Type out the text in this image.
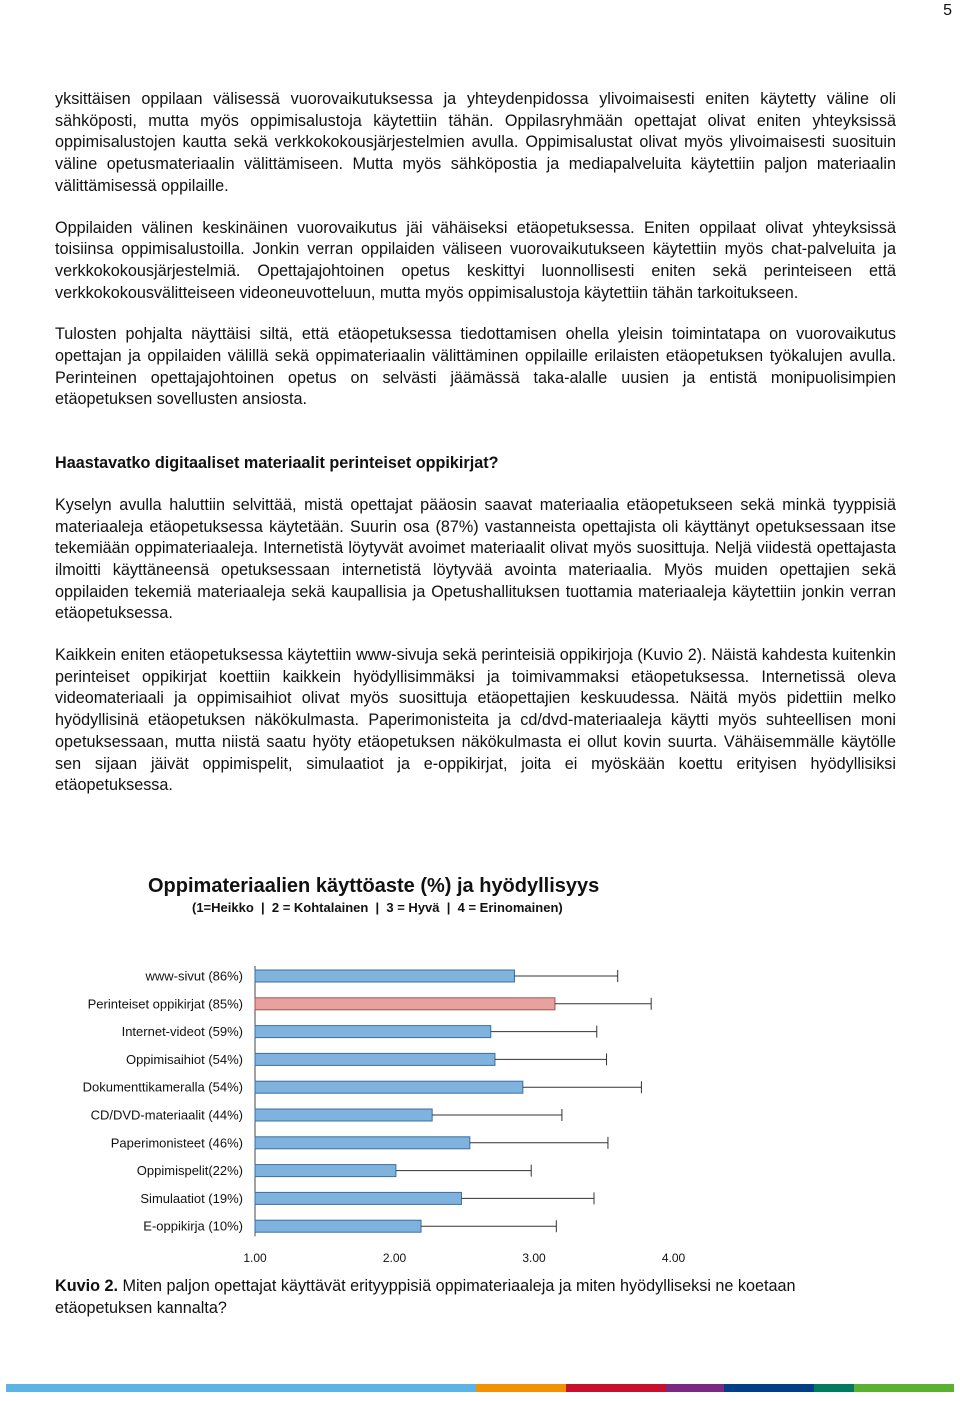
5

yksittäisen oppilaan välisessä vuorovaikutuksessa ja yhteydenpidossa ylivoimaisesti eniten käytetty väline oli sähköposti, mutta myös oppimisalustoja käytettiin tähän. Oppilasryhmään opettajat olivat eniten yhteyksissä oppimisalustojen kautta sekä verkkokokousjärjestelmien avulla. Oppimisalustat olivat myös ylivoimaisesti suosituin väline opetusmateriaalin välittämiseen. Mutta myös sähköpostia ja mediapalveluita käytettiin paljon materiaalin välittämisessä oppilaille.

Oppilaiden välinen keskinäinen vuorovaikutus jäi vähäiseksi etäopetuksessa. Eniten oppilaat olivat yhteyksissä toisiinsa oppimisalustoilla. Jonkin verran oppilaiden väliseen vuorovaikutukseen käytettiin myös chat-palveluita ja verkkokokousjärjestelmiä. Opettajajohtoinen opetus keskittyi luonnollisesti eniten sekä perinteiseen että verkkokokousvälitteiseen videoneuvotteluun, mutta myös oppimisalustoja käytettiin tähän tarkoitukseen.

Tulosten pohjalta näyttäisi siltä, että etäopetuksessa tiedottamisen ohella yleisin toimintatapa on vuorovaikutus opettajan ja oppilaiden välillä sekä oppimateriaalin välittäminen oppilaille erilaisten etäopetuksen työkalujen avulla. Perinteinen opettajajohtoinen opetus on selvästi jäämässä taka-alalle uusien ja entistä monipuolisimpien etäopetuksen sovellusten ansiosta.

Haastavatko digitaaliset materiaalit perinteiset oppikirjat?

Kyselyn avulla haluttiin selvittää, mistä opettajat pääosin saavat materiaalia etäopetukseen sekä minkä tyyppisiä materiaaleja etäopetuksessa käytetään. Suurin osa (87%) vastanneista opettajista oli käyttänyt opetuksessaan itse tekemiään oppimateriaaleja. Internetistä löytyvät avoimet materiaalit olivat myös suosittuja. Neljä viidestä opettajasta ilmoitti käyttäneensä opetuksessaan internetistä löytyvää avointa materiaalia. Myös muiden opettajien sekä oppilaiden tekemiä materiaaleja sekä kaupallisia ja Opetushallituksen tuottamia materiaaleja käytettiin jonkin verran etäopetuksessa.

Kaikkein eniten etäopetuksessa käytettiin www-sivuja sekä perinteisiä oppikirjoja (Kuvio 2). Näistä kahdesta kuitenkin perinteiset oppikirjat koettiin kaikkein hyödyllisimmäksi ja toimivammaksi etäopetuksessa. Internetissä oleva videomateriaali ja oppimisaihiot olivat myös suosittuja etäopettajien keskuudessa. Näitä myös pidettiin melko hyödyllisinä etäopetuksen näkökulmasta. Paperimonisteita ja cd/dvd-materiaaleja käytti myös suhteellisen moni opetuksessaan, mutta niistä saatu hyöty etäopetuksen näkökulmasta ei ollut kovin suurta. Vähäisemmälle käytölle sen sijaan jäivät oppimispelit, simulaatiot ja e-oppikirjat, joita ei myöskään koettu erityisen hyödyllisiksi etäopetuksessa.

Oppimateriaalien käyttöaste (%) ja hyödyllisyys
(1=Heikko  |  2 = Kohtalainen  |  3 = Hyvä  |  4 = Erinomainen)
www-sivut (86%)
Perinteiset oppikirjat (85%)
Internet-videot (59%)
Oppimisaihiot (54%)
Dokumenttikameralla (54%)
CD/DVD-materiaalit (44%)
Paperimonisteet (46%)
Oppimispelit(22%)
Simulaatiot (19%)
E-oppikirja (10%)
1.00	2.00	3.00	4.00
Kuvio 2. Miten paljon opettajat käyttävät erityyppisiä oppimateriaaleja ja miten hyödylliseksi ne koetaan etäopetuksen kannalta?
